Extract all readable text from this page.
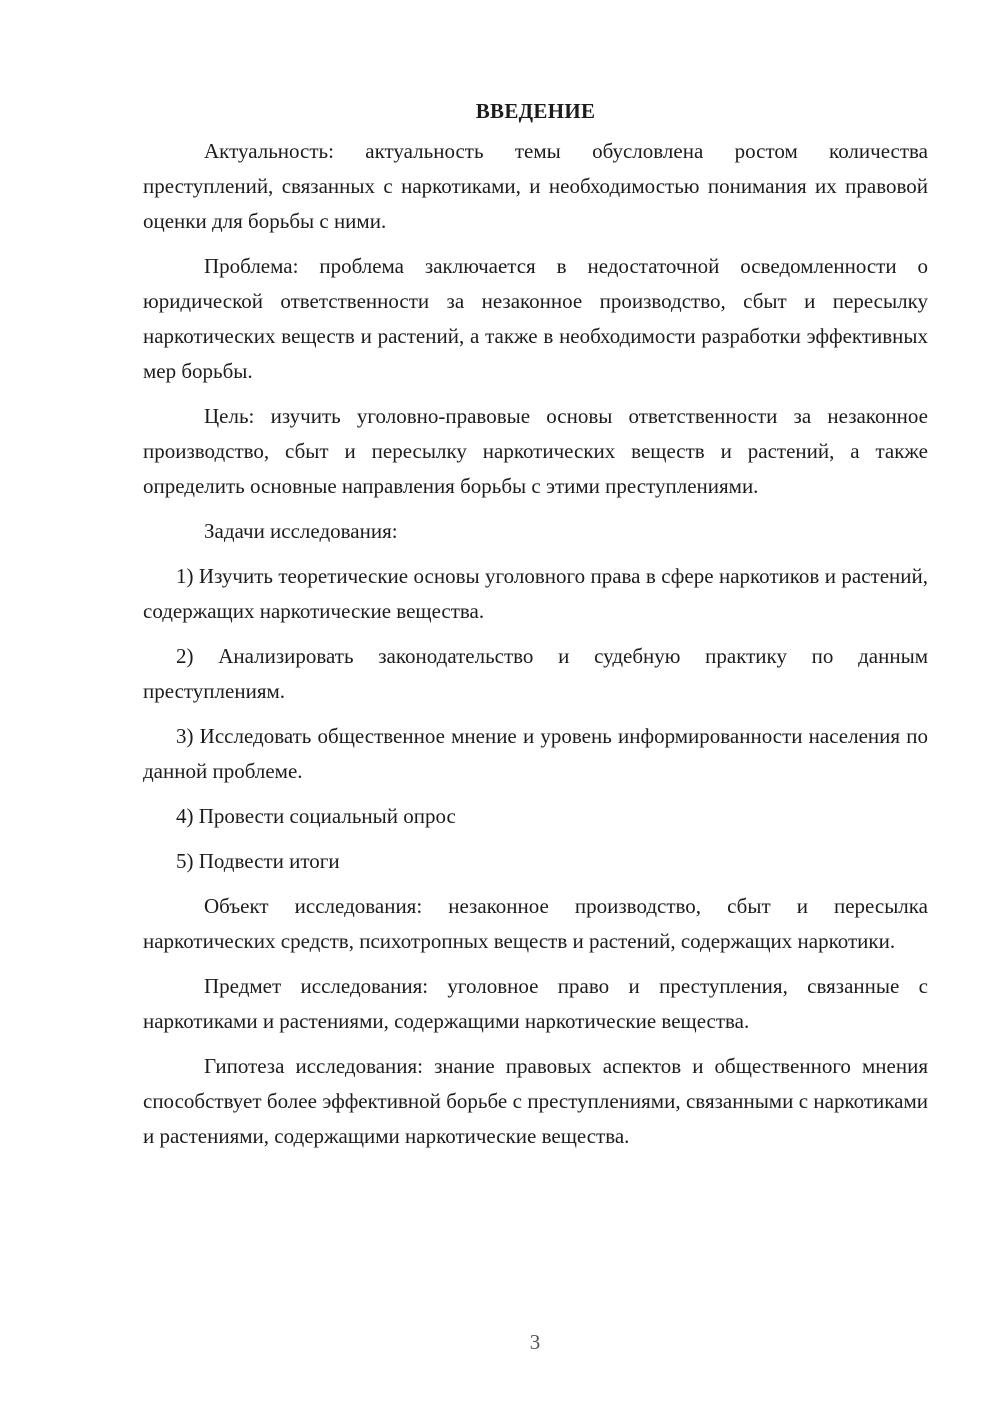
ВВЕДЕНИЕ

Актуальность: актуальность темы обусловлена ростом количества преступлений, связанных с наркотиками, и необходимостью понимания их правовой оценки для борьбы с ними.

Проблема: проблема заключается в недостаточной осведомленности о юридической ответственности за незаконное производство, сбыт и пересылку наркотических веществ и растений, а также в необходимости разработки эффективных мер борьбы.

Цель: изучить уголовно-правовые основы ответственности за незаконное производство, сбыт и пересылку наркотических веществ и растений, а также определить основные направления борьбы с этими преступлениями.

Задачи исследования:

1) Изучить теоретические основы уголовного права в сфере наркотиков и растений, содержащих наркотические вещества.

2) Анализировать законодательство и судебную практику по данным преступлениям.

3) Исследовать общественное мнение и уровень информированности населения по данной проблеме.

4) Провести социальный опрос

5) Подвести итоги

Объект исследования: незаконное производство, сбыт и пересылка наркотических средств, психотропных веществ и растений, содержащих наркотики.

Предмет исследования: уголовное право и преступления, связанные с наркотиками и растениями, содержащими наркотические вещества.

Гипотеза исследования: знание правовых аспектов и общественного мнения способствует более эффективной борьбе с преступлениями, связанными с наркотиками и растениями, содержащими наркотические вещества.

3
